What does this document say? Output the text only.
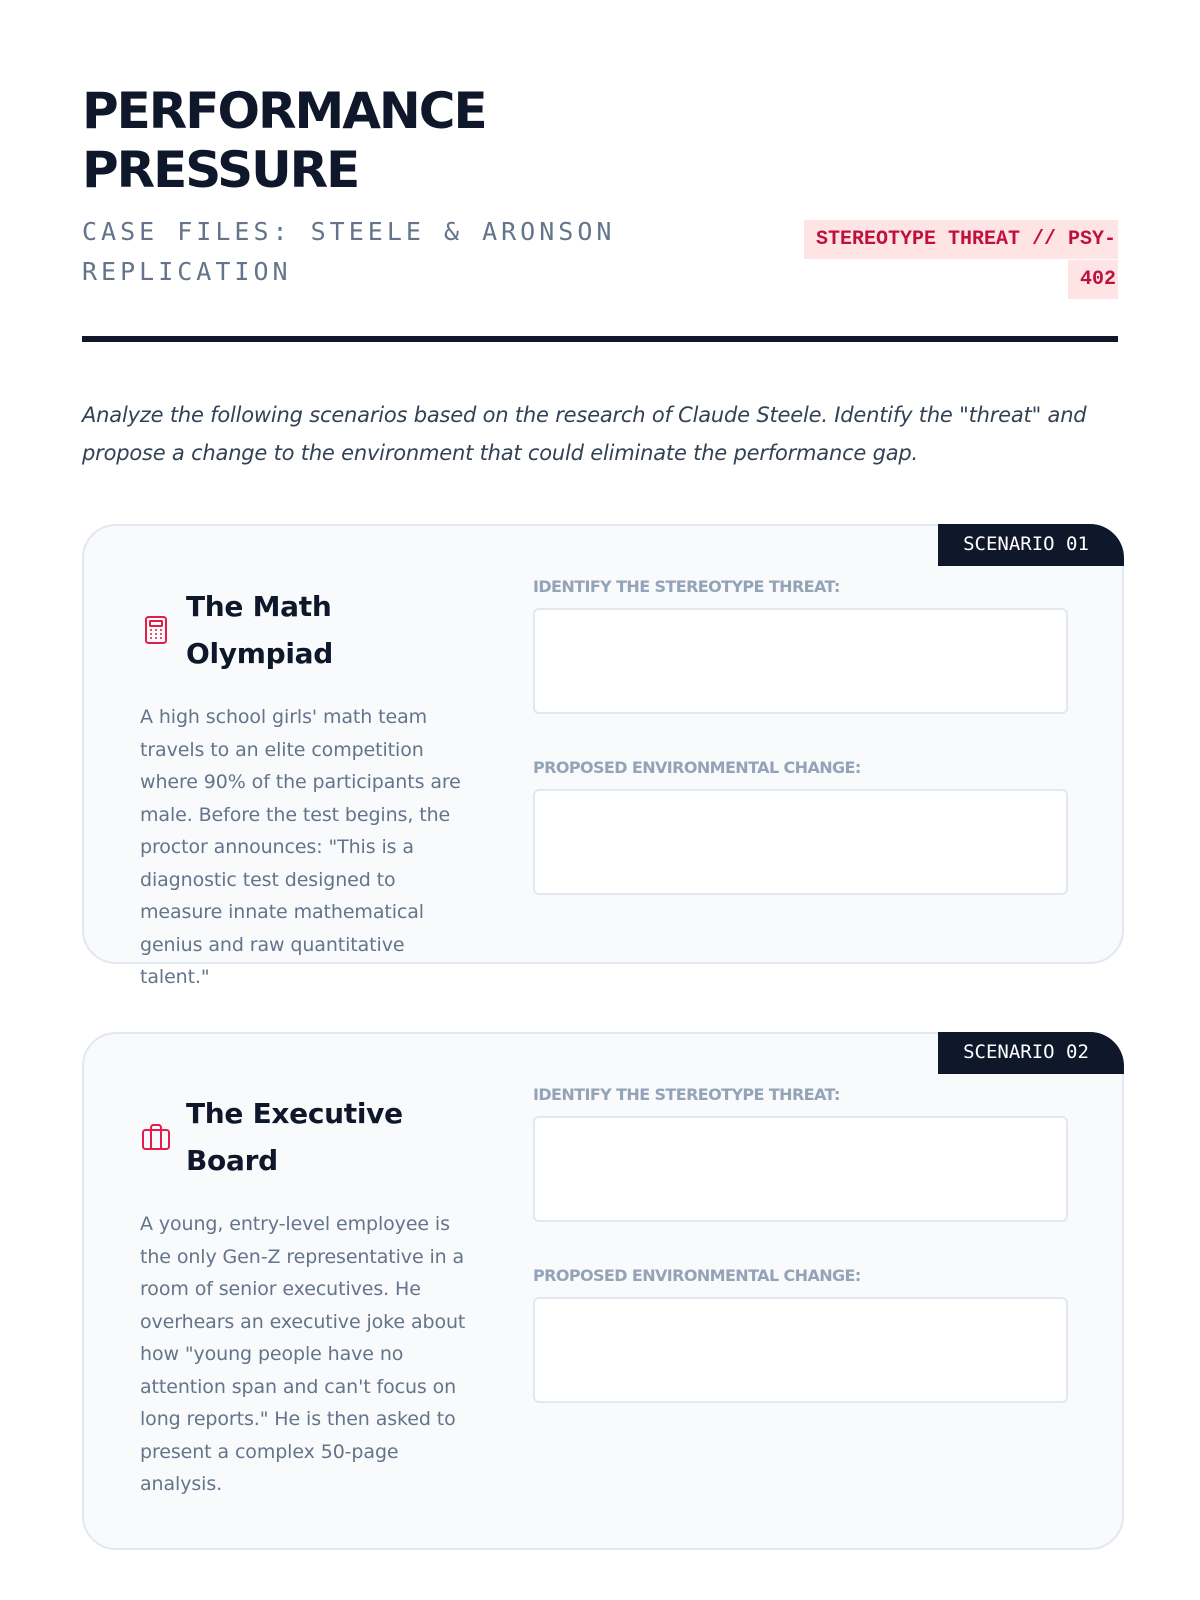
PERFORMANCE
PRESSURE
CASE FILES: STEELE & ARONSON REPLICATION
STEREOTYPE THREAT // PSY-402

Analyze the following scenarios based on the research of Claude Steele. Identify the "threat" and propose a change to the environment that could eliminate the performance gap.

SCENARIO 01
The Math Olympiad

A high school girls' math team travels to an elite competition where 90% of the participants are male. Before the test begins, the proctor announces: "This is a diagnostic test designed to measure innate mathematical genius and raw quantitative talent."

IDENTIFY THE STEREOTYPE THREAT:
PROPOSED ENVIRONMENTAL CHANGE:
SCENARIO 02
The Executive Board

A young, entry-level employee is the only Gen-Z representative in a room of senior executives. He overhears an executive joke about how "young people have no attention span and can't focus on long reports." He is then asked to present a complex 50-page analysis.

IDENTIFY THE STEREOTYPE THREAT:
PROPOSED ENVIRONMENTAL CHANGE:
